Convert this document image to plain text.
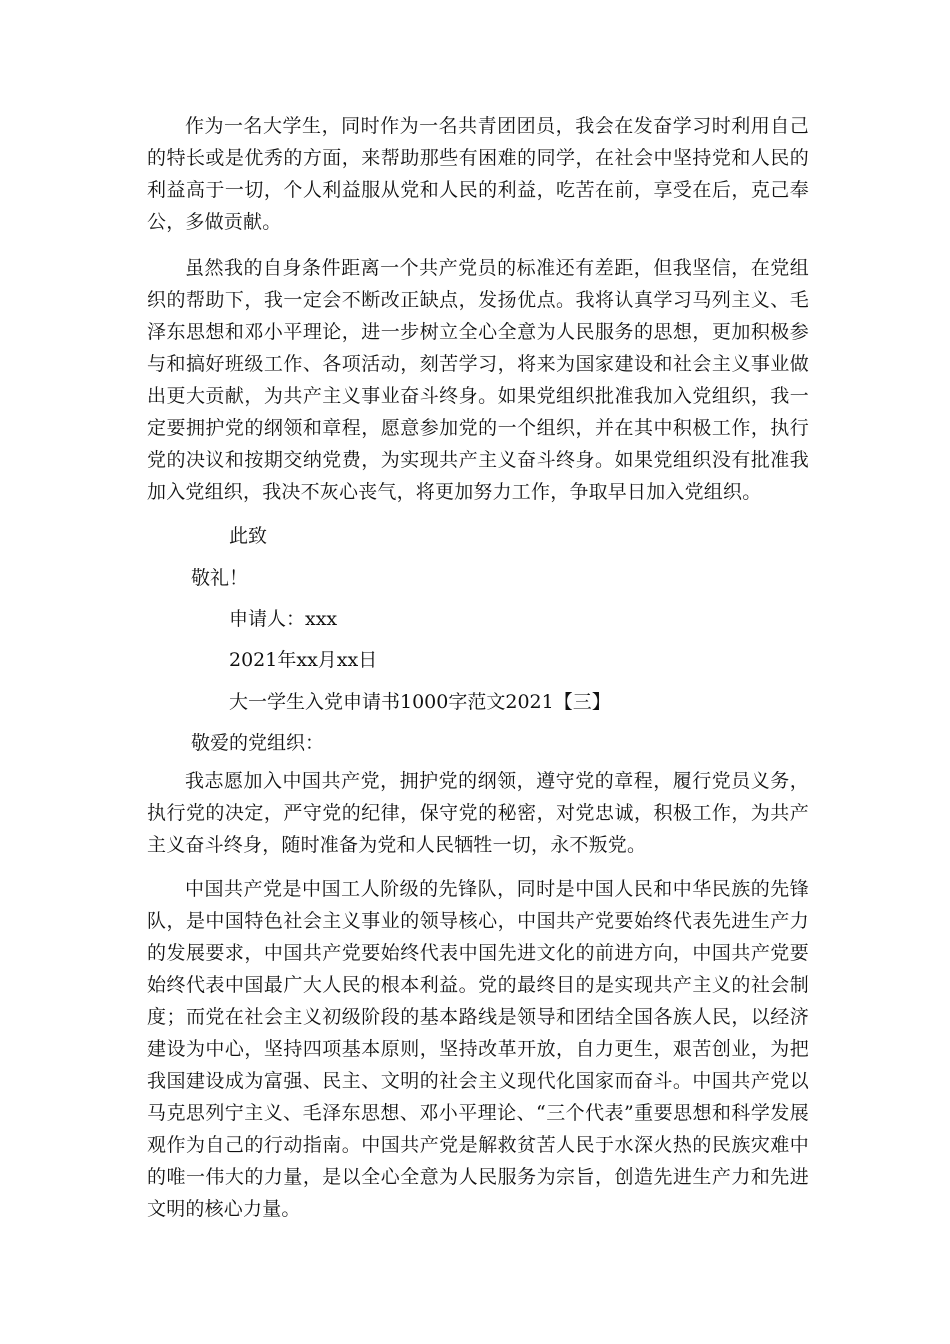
作为一名大学生，同时作为一名共青团团员，我会在发奋学习时利用自己的特长或是优秀的方面，来帮助那些有困难的同学，在社会中坚持党和人民的利益高于一切，个人利益服从党和人民的利益，吃苦在前，享受在后，克己奉公，多做贡献。

虽然我的自身条件距离一个共产党员的标准还有差距，但我坚信，在党组织的帮助下，我一定会不断改正缺点，发扬优点。我将认真学习马列主义、毛泽东思想和邓小平理论，进一步树立全心全意为人民服务的思想，更加积极参与和搞好班级工作、各项活动，刻苦学习，将来为国家建设和社会主义事业做出更大贡献，为共产主义事业奋斗终身。如果党组织批准我加入党组织，我一定要拥护党的纲领和章程，愿意参加党的一个组织，并在其中积极工作，执行党的决议和按期交纳党费，为实现共产主义奋斗终身。如果党组织没有批准我加入党组织，我决不灰心丧气，将更加努力工作，争取早日加入党组织。

此致
敬礼！
申请人：xxx
2021年xx月xx日
大一学生入党申请书1000字范文2021【三】
敬爱的党组织：

我志愿加入中国共产党，拥护党的纲领，遵守党的章程，履行党员义务，执行党的决定，严守党的纪律，保守党的秘密，对党忠诚，积极工作，为共产主义奋斗终身，随时准备为党和人民牺牲一切，永不叛党。

中国共产党是中国工人阶级的先锋队，同时是中国人民和中华民族的先锋队，是中国特色社会主义事业的领导核心，中国共产党要始终代表先进生产力的发展要求，中国共产党要始终代表中国先进文化的前进方向，中国共产党要始终代表中国最广大人民的根本利益。党的最终目的是实现共产主义的社会制度；而党在社会主义初级阶段的基本路线是领导和团结全国各族人民，以经济建设为中心，坚持四项基本原则，坚持改革开放，自力更生，艰苦创业，为把我国建设成为富强、民主、文明的社会主义现代化国家而奋斗。中国共产党以马克思列宁主义、毛泽东思想、邓小平理论、“三个代表”重要思想和科学发展观作为自己的行动指南。中国共产党是解救贫苦人民于水深火热的民族灾难中的唯一伟大的力量，是以全心全意为人民服务为宗旨，创造先进生产力和先进文明的核心力量。
